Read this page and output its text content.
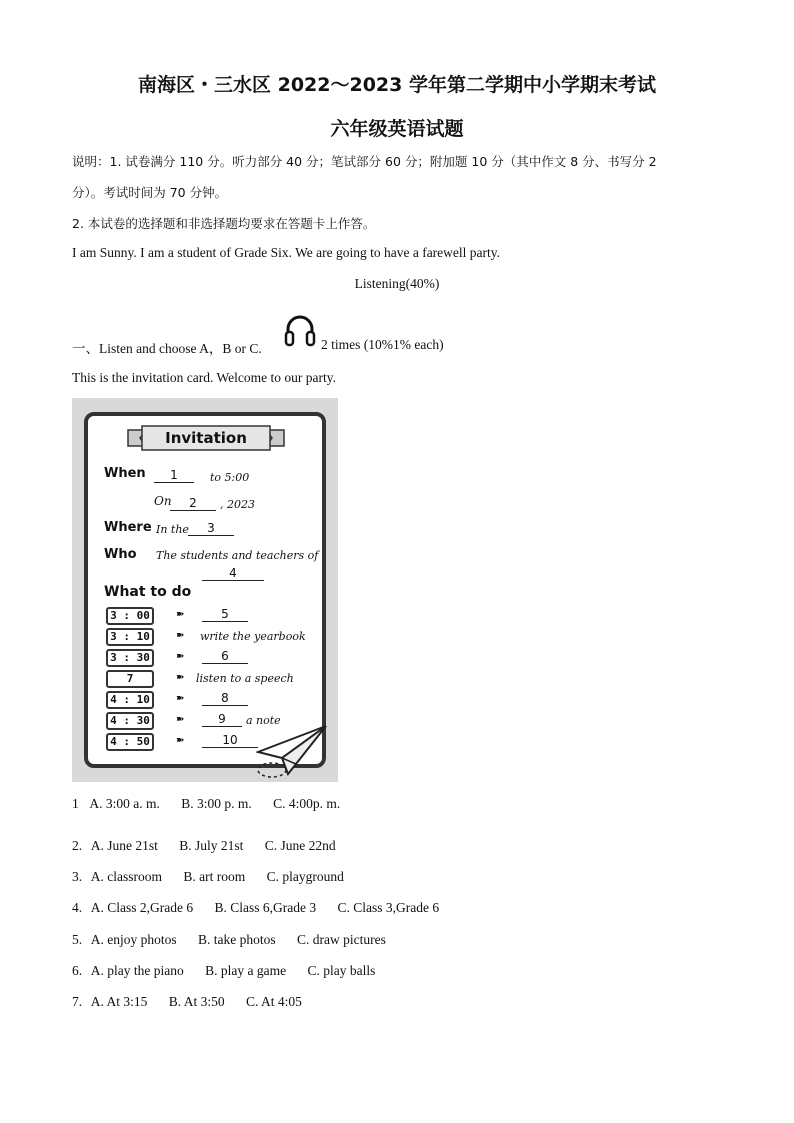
南海区・三水区 2022～2023 学年第二学期中小学期末考试
六年级英语试题
说明：1. 试卷满分 110 分。听力部分 40 分；笔试部分 60 分；附加题 10 分（其中作文 8 分、书写分 2
分）。考试时间为 70 分钟。
2. 本试卷的选择题和非选择题均要求在答题卡上作答。
I am Sunny. I am a student of Grade Six. We are going to have a farewell party.
Listening(40%)
一、Listen and choose A，B or C.	2 times (10%1% each)
This is the invitation card. Welcome to our party.
Invitation
When	1	to 5:00
On	2	, 2023
Where In the	3
Who The students and teachers of
4
What to do
3 : 00	➽	5
3 : 10	➽ write the yearbook
3 : 30	➽	6
7	➽ listen to a speech
4 : 10	➽	8
4 : 30	➽	9	a note
4 : 50	➽	10
1 A. 3:00 a. m. B. 3:00 p. m. C. 4:00p. m.
2. A. June 21st B. July 21st C. June 22nd
3. A. classroom B. art room C. playground
4. A. Class 2,Grade 6 B. Class 6,Grade 3 C. Class 3,Grade 6
5. A. enjoy photos B. take photos C. draw pictures
6. A. play the piano B. play a game C. play balls
7. A. At 3:15 B. At 3:50 C. At 4:05
